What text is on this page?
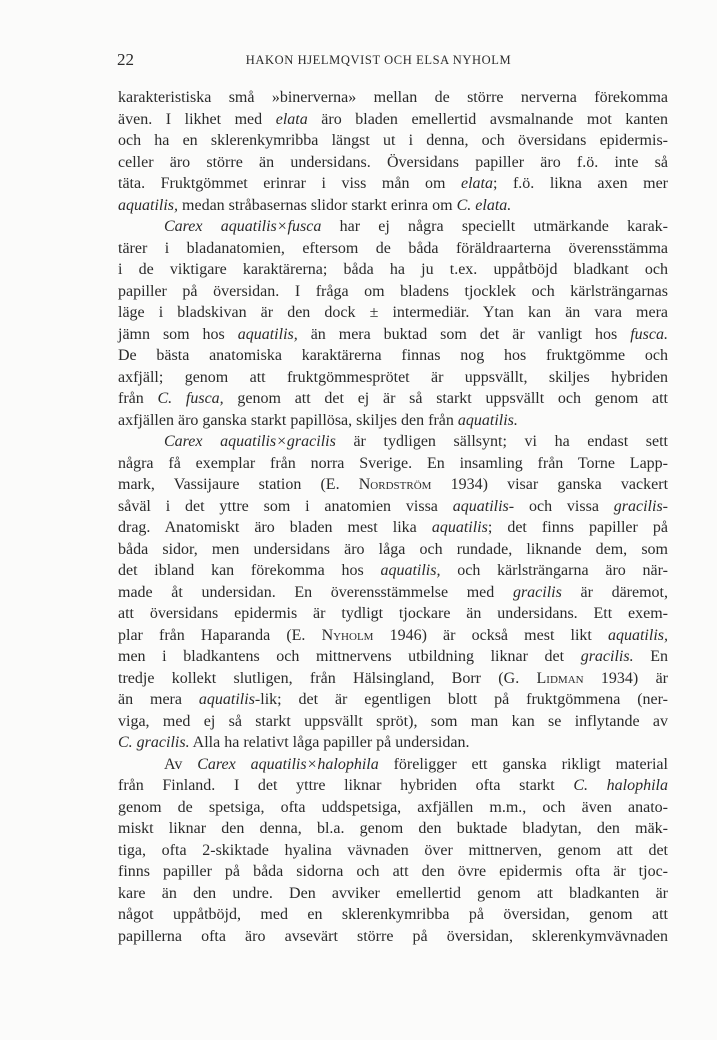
22	HAKON HJELMQVIST OCH ELSA NYHOLM
karakteristiska små »binerverna» mellan de större nerverna förekomma
även. I likhet med elata äro bladen emellertid avsmalnande mot kanten
och ha en sklerenkymribba längst ut i denna, och översidans epidermis-
celler äro större än undersidans. Översidans papiller äro f.ö. inte så
täta. Fruktgömmet erinrar i viss mån om elata; f.ö. likna axen mer
aquatilis, medan stråbasernas slidor starkt erinra om C. elata.
Carex aquatilis×fusca har ej några speciellt utmärkande karak-
tärer i bladanatomien, eftersom de båda föräldraarterna överensstämma
i de viktigare karaktärerna; båda ha ju t.ex. uppåtböjd bladkant och
papiller på översidan. I fråga om bladens tjocklek och kärlsträngarnas
läge i bladskivan är den dock ± intermediär. Ytan kan än vara mera
jämn som hos aquatilis, än mera buktad som det är vanligt hos fusca.
De bästa anatomiska karaktärerna finnas nog hos fruktgömme och
axfjäll; genom att fruktgömmesprötet är uppsvällt, skiljes hybriden
från C. fusca, genom att det ej är så starkt uppsvällt och genom att
axfjällen äro ganska starkt papillösa, skiljes den från aquatilis.
Carex aquatilis×gracilis är tydligen sällsynt; vi ha endast sett
några få exemplar från norra Sverige. En insamling från Torne Lapp-
mark, Vassijaure station (E. Nordström 1934) visar ganska vackert
såväl i det yttre som i anatomien vissa aquatilis- och vissa gracilis-
drag. Anatomiskt äro bladen mest lika aquatilis; det finns papiller på
båda sidor, men undersidans äro låga och rundade, liknande dem, som
det ibland kan förekomma hos aquatilis, och kärlsträngarna äro när-
made åt undersidan. En överensstämmelse med gracilis är däremot,
att översidans epidermis är tydligt tjockare än undersidans. Ett exem-
plar från Haparanda (E. Nyholm 1946) är också mest likt aquatilis,
men i bladkantens och mittnervens utbildning liknar det gracilis. En
tredje kollekt slutligen, från Hälsingland, Borr (G. Lidman 1934) är
än mera aquatilis-lik; det är egentligen blott på fruktgömmena (ner-
viga, med ej så starkt uppsvällt spröt), som man kan se inflytande av
C. gracilis. Alla ha relativt låga papiller på undersidan.
Av Carex aquatilis×halophila föreligger ett ganska rikligt material
från Finland. I det yttre liknar hybriden ofta starkt C. halophila
genom de spetsiga, ofta uddspetsiga, axfjällen m.m., och även anato-
miskt liknar den denna, bl.a. genom den buktade bladytan, den mäk-
tiga, ofta 2-skiktade hyalina vävnaden över mittnerven, genom att det
finns papiller på båda sidorna och att den övre epidermis ofta är tjoc-
kare än den undre. Den avviker emellertid genom att bladkanten är
något uppåtböjd, med en sklerenkymribba på översidan, genom att
papillerna ofta äro avsevärt större på översidan, sklerenkymvävnaden
